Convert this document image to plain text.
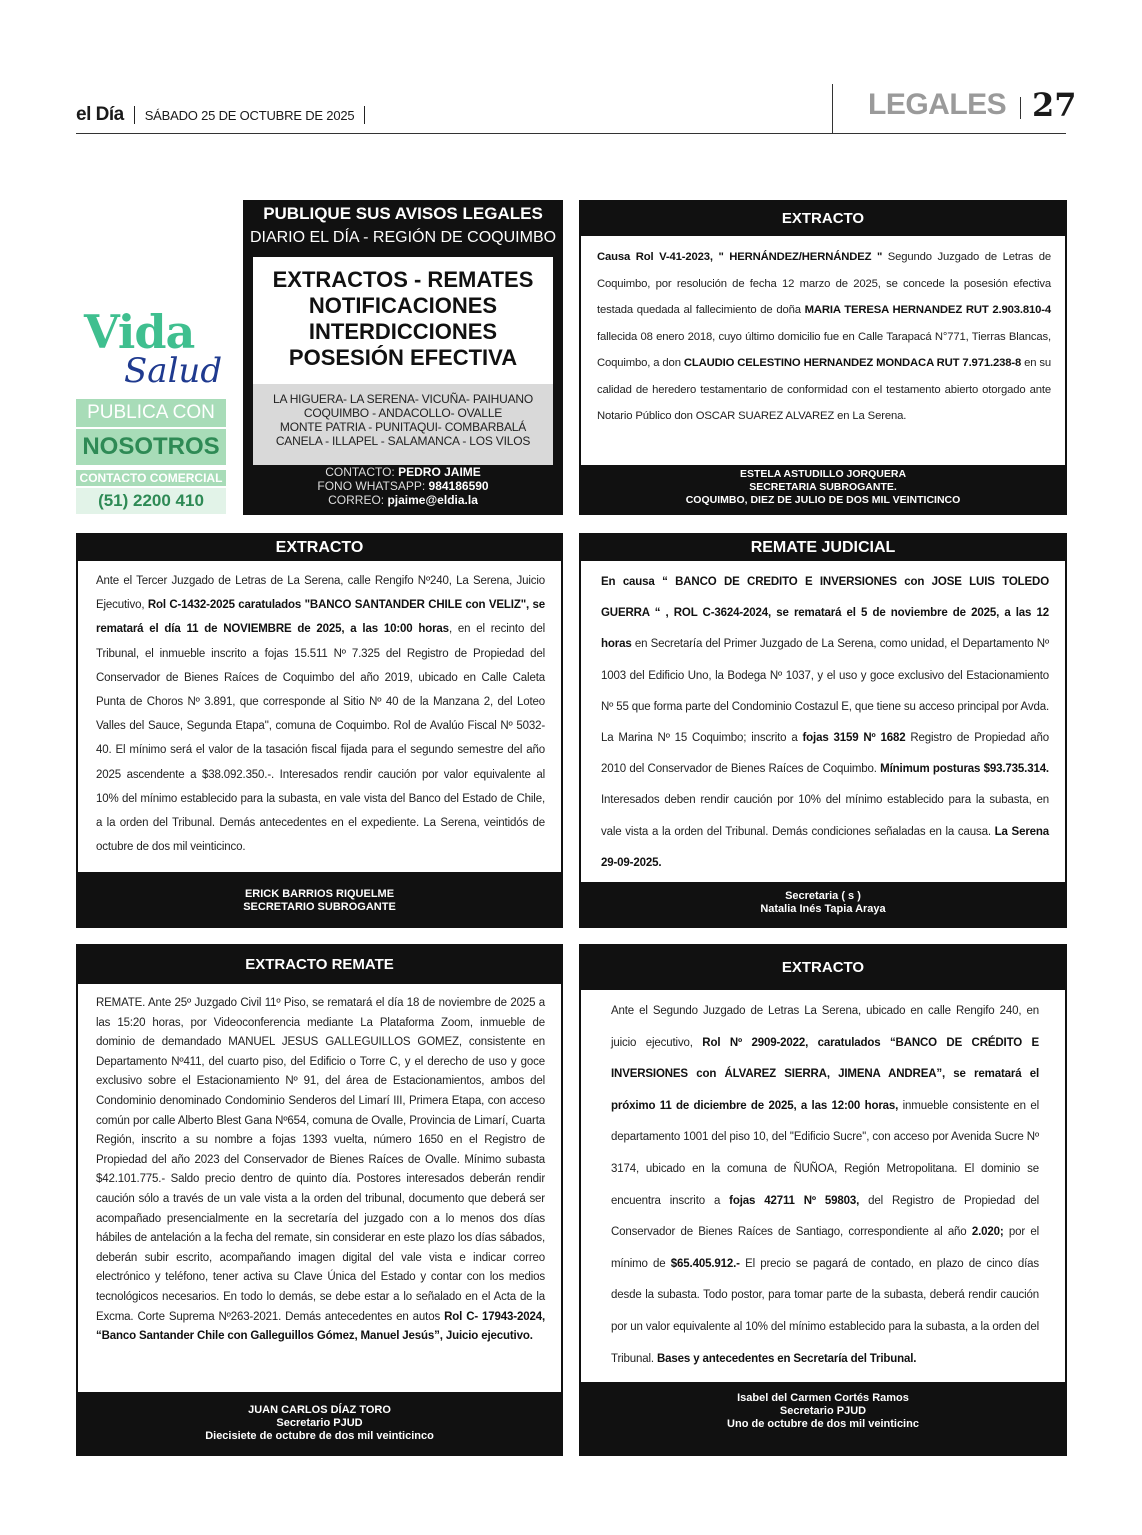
el Día SÁBADO 25 DE OCTUBRE DE 2025	LEGALES 27
Vida
Salud
PUBLICA CON
NOSOTROS
CONTACTO COMERCIAL
(51) 2200 410
PUBLIQUE SUS AVISOS LEGALES
DIARIO EL DÍA - REGIÓN DE COQUIMBO
EXTRACTOS - REMATES
NOTIFICACIONES
INTERDICCIONES
POSESIÓN EFECTIVA
LA HIGUERA- LA SERENA- VICUÑA- PAIHUANO
COQUIMBO - ANDACOLLO- OVALLE
MONTE PATRIA - PUNITAQUI- COMBARBALÁ
CANELA - ILLAPEL - SALAMANCA - LOS VILOS
CONTACTO: PEDRO JAIME
FONO WHATSAPP: 984186590
CORREO: pjaime@eldia.la
EXTRACTO
Causa Rol V-41-2023, " HERNÁNDEZ/HERNÁNDEZ " Segundo Juzgado de Letras de Coquimbo, por resolución de fecha 12 marzo de 2025, se concede la posesión efectiva testada quedada al fallecimiento de doña MARIA TERESA HERNANDEZ RUT 2.903.810-4 fallecida 08 enero 2018, cuyo último domicilio fue en Calle Tarapacá N°771, Tierras Blancas, Coquimbo, a don CLAUDIO CELESTINO HERNANDEZ MONDACA RUT 7.971.238-8 en su calidad de heredero testamentario de conformidad con el testamento abierto otorgado ante Notario Público don OSCAR SUAREZ ALVAREZ en La Serena.
ESTELA ASTUDILLO JORQUERA
SECRETARIA SUBROGANTE.
COQUIMBO, DIEZ DE JULIO DE DOS MIL VEINTICINCO
EXTRACTO
Ante el Tercer Juzgado de Letras de La Serena, calle Rengifo Nº240, La Serena, Juicio Ejecutivo, Rol C-1432-2025 caratulados "BANCO SANTANDER CHILE con VELIZ", se rematará el día 11 de NOVIEMBRE de 2025, a las 10:00 horas, en el recinto del Tribunal, el inmueble inscrito a fojas 15.511 Nº 7.325 del Registro de Propiedad del Conservador de Bienes Raíces de Coquimbo del año 2019, ubicado en Calle Caleta Punta de Choros Nº 3.891, que corresponde al Sitio Nº 40 de la Manzana 2, del Loteo Valles del Sauce, Segunda Etapa'', comuna de Coquimbo. Rol de Avalúo Fiscal Nº 5032-40. El mínimo será el valor de la tasación fiscal fijada para el segundo semestre del año 2025 ascendente a $38.092.350.-. Interesados rendir caución por valor equivalente al 10% del mínimo establecido para la subasta, en vale vista del Banco del Estado de Chile, a la orden del Tribunal. Demás antecedentes en el expediente. La Serena, veintidós de octubre de dos mil veinticinco.
ERICK BARRIOS RIQUELME
SECRETARIO SUBROGANTE
REMATE JUDICIAL
En causa “ BANCO DE CREDITO E INVERSIONES con JOSE LUIS TOLEDO GUERRA “ , ROL C-3624-2024, se rematará el 5 de noviembre de 2025, a las 12 horas en Secretaría del Primer Juzgado de La Serena, como unidad, el Departamento Nº 1003 del Edificio Uno, la Bodega Nº 1037, y el uso y goce exclusivo del Estacionamiento Nº 55 que forma parte del Condominio Costazul E, que tiene su acceso principal por Avda. La Marina Nº 15 Coquimbo; inscrito a fojas 3159 Nº 1682 Registro de Propiedad año 2010 del Conservador de Bienes Raíces de Coquimbo. Mínimum posturas $93.735.314. Interesados deben rendir caución por 10% del mínimo establecido para la subasta, en vale vista a la orden del Tribunal. Demás condiciones señaladas en la causa. La Serena 29-09-2025.
Secretaria ( s )
Natalia Inés Tapia Araya
EXTRACTO REMATE
REMATE. Ante 25º Juzgado Civil 11º Piso, se rematará el día 18 de noviembre de 2025 a las 15:20 horas, por Videoconferencia mediante La Plataforma Zoom, inmueble de dominio de demandado MANUEL JESUS GALLEGUILLOS GOMEZ, consistente en Departamento Nº411, del cuarto piso, del Edificio o Torre C, y el derecho de uso y goce exclusivo sobre el Estacionamiento Nº 91, del área de Estacionamientos, ambos del Condominio denominado Condominio Senderos del Limarí III, Primera Etapa, con acceso común por calle Alberto Blest Gana Nº654, comuna de Ovalle, Provincia de Limarí, Cuarta Región, inscrito a su nombre a fojas 1393 vuelta, número 1650 en el Registro de Propiedad del año 2023 del Conservador de Bienes Raíces de Ovalle. Mínimo subasta $42.101.775.- Saldo precio dentro de quinto día. Postores interesados deberán rendir caución sólo a través de un vale vista a la orden del tribunal, documento que deberá ser acompañado presencialmente en la secretaría del juzgado con a lo menos dos días hábiles de antelación a la fecha del remate, sin considerar en este plazo los días sábados, deberán subir escrito, acompañando imagen digital del vale vista e indicar correo electrónico y teléfono, tener activa su Clave Única del Estado y contar con los medios tecnológicos necesarios. En todo lo demás, se debe estar a lo señalado en el Acta de la Excma. Corte Suprema Nº263-2021. Demás antecedentes en autos Rol C- 17943-2024, “Banco Santander Chile con Galleguillos Gómez, Manuel Jesús”, Juicio ejecutivo.
JUAN CARLOS DÍAZ TORO
Secretario PJUD
Diecisiete de octubre de dos mil veinticinco
EXTRACTO
Ante el Segundo Juzgado de Letras La Serena, ubicado en calle Rengifo 240, en juicio ejecutivo, Rol Nº 2909-2022, caratulados “BANCO DE CRÉDITO E INVERSIONES con ÁLVAREZ SIERRA, JIMENA ANDREA”, se rematará el próximo 11 de diciembre de 2025, a las 12:00 horas, inmueble consistente en el departamento 1001 del piso 10, del ''Edificio Sucre'', con acceso por Avenida Sucre Nº 3174, ubicado en la comuna de ÑUÑOA, Región Metropolitana. El dominio se encuentra inscrito a fojas 42711 Nº 59803, del Registro de Propiedad del Conservador de Bienes Raíces de Santiago, correspondiente al año 2.020; por el mínimo de $65.405.912.- El precio se pagará de contado, en plazo de cinco días desde la subasta. Todo postor, para tomar parte de la subasta, deberá rendir caución por un valor equivalente al 10% del mínimo establecido para la subasta, a la orden del Tribunal. Bases y antecedentes en Secretaría del Tribunal.
Isabel del Carmen Cortés Ramos
Secretario PJUD
Uno de octubre de dos mil veinticinc
